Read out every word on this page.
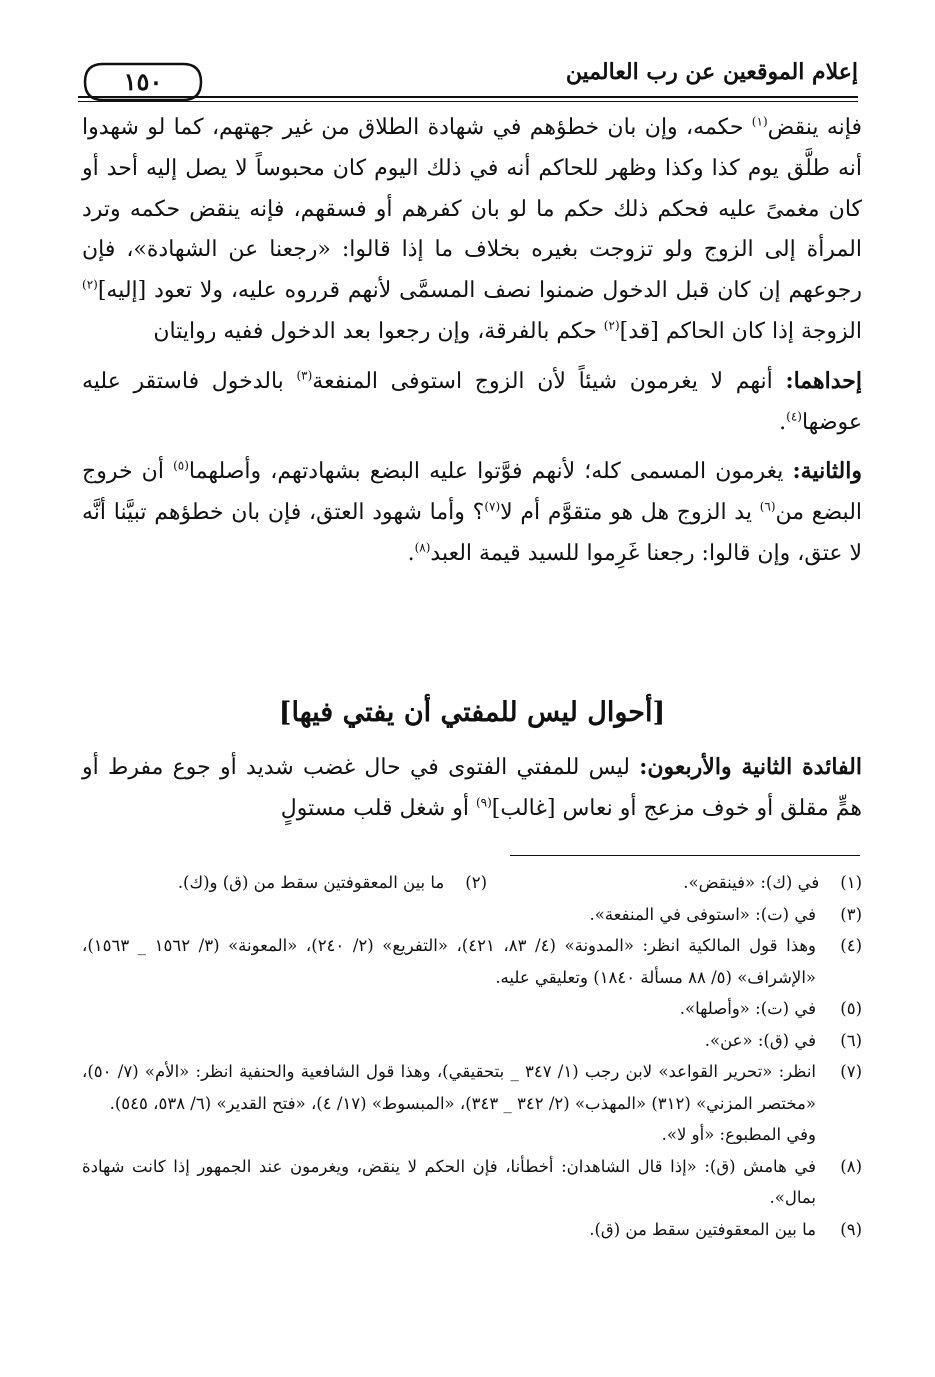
إعلام الموقعين عن رب العالمين
١٥٠

فإنه ينقض$^{(١)}$ حكمه، وإن بان خطؤهم في شهادة الطلاق من غير جهتهم، كما لو شهدوا أنه طلَّق يوم كذا وكذا وظهر للحاكم أنه في ذلك اليوم كان محبوساً لا يصل إليه أحد أو كان مغمىً عليه فحكم ذلك حكم ما لو بان كفرهم أو فسقهم، فإنه ينقض حكمه وترد المرأة إلى الزوج ولو تزوجت بغيره بخلاف ما إذا قالوا: «رجعنا عن الشهادة»، فإن رجوعهم إن كان قبل الدخول ضمنوا نصف المسمَّى لأنهم قرروه عليه، ولا تعود [إليه]$^{(٢)}$ الزوجة إذا كان الحاكم [قد]$^{(٢)}$ حكم بالفرقة، وإن رجعوا بعد الدخول ففيه روايتان

إحداهما: أنهم لا يغرمون شيئاً لأن الزوج استوفى المنفعة$^{(٣)}$ بالدخول فاستقر عليه عوضها$^{(٤)}$.

والثانية: يغرمون المسمى كله؛ لأنهم فوَّتوا عليه البضع بشهادتهم، وأصلهما$^{(٥)}$ أن خروج البضع من$^{(٦)}$ يد الزوج هل هو متقوَّم أم لا$^{(٧)}$؟ وأما شهود العتق، فإن بان خطؤهم تبيَّنا أنَّه لا عتق، وإن قالوا: رجعنا غَرِموا للسيد قيمة العبد$^{(٨)}$.

[أحوال ليس للمفتي أن يفتي فيها]

الفائدة الثانية والأربعون: ليس للمفتي الفتوى في حال غضب شديد أو جوع مفرط أو همٍّ مقلق أو خوف مزعج أو نعاس [غالب]$^{(٩)}$ أو شغل قلب مستولٍ

(١)    في (ك): «فينقض».
(٢)    ما بين المعقوفتين سقط من (ق) و(ك).
(٣)
في (ت): «استوفى في المنفعة».
(٤)
وهذا قول المالكية انظر: «المدونة» (٤/ ٨٣، ٤٢١)، «التفريع» (٢/ ٢٤٠)، «المعونة» (٣/ ١٥٦٢ _ ١٥٦٣)، «الإشراف» (٥/ ٨٨ مسألة ١٨٤٠) وتعليقي عليه.
(٥)
في (ت): «وأصلها».
(٦)
في (ق): «عن».
(٧)
انظر: «تحرير القواعد» لابن رجب (١/ ٣٤٧ _ بتحقيقي)، وهذا قول الشافعية والحنفية انظر: «الأم» (٧/ ٥٠)، «مختصر المزني» (٣١٢) «المهذب» (٢/ ٣٤٢ _ ٣٤٣)، «المبسوط» (١٧/ ٤)، «فتح القدير» (٦/ ٥٣٨، ٥٤٥).
وفي المطبوع: «أو لا».
(٨)
في هامش (ق): «إذا قال الشاهدان: أخطأنا، فإن الحكم لا ينقض، ويغرمون عند الجمهور إذا كانت شهادة بمال».
(٩)
ما بين المعقوفتين سقط من (ق).
